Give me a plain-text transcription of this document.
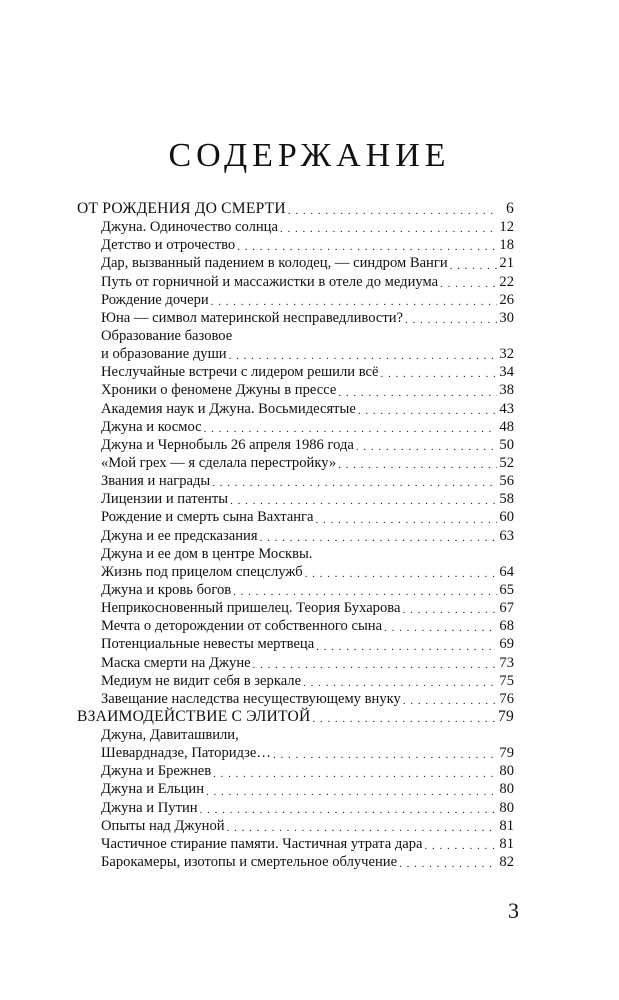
СОДЕРЖАНИЕ
ОТ РОЖДЕНИЯ ДО СМЕРТИ . . .	6
Джуна. Одиночество солнца . . .	12
Детство и отрочество . . .	18
Дар, вызванный падением в колодец, — синдром Ванги . . .	21
Путь от горничной и массажистки в отеле до медиума . . .	22
Рождение дочери . . .	26
Юна — символ материнской несправедливости? . . .	30
Образование базовое
и образование души . . .	32
Неслучайные встречи с лидером решили всё . . .	34
Хроники о феномене Джуны в прессе . . .	38
Академия наук и Джуна. Восьмидесятые . . .	43
Джуна и космос . . .	48
Джуна и Чернобыль 26 апреля 1986 года . . .	50
«Мой грех — я сделала перестройку» . . .	52
Звания и награды . . .	56
Лицензии и патенты . . .	58
Рождение и смерть сына Вахтанга . . .	60
Джуна и ее предсказания . . .	63
Джуна и ее дом в центре Москвы.
Жизнь под прицелом спецслужб . . .	64
Джуна и кровь богов . . .	65
Неприкосновенный пришелец. Теория Бухарова . . .	67
Мечта о деторождении от собственного сына . . .	68
Потенциальные невесты мертвеца . . .	69
Маска смерти на Джуне . . .	73
Медиум не видит себя в зеркале . . .	75
Завещание наследства несуществующему внуку . . .	76
ВЗАИМОДЕЙСТВИЕ С ЭЛИТОЙ . . .	79
Джуна, Давиташвили,
Шеварднадзе, Паторидзе… . . .	79
Джуна и Брежнев . . .	80
Джуна и Ельцин . . .	80
Джуна и Путин . . .	80
Опыты над Джуной . . .	81
Частичное стирание памяти. Частичная утрата дара . . .	81
Барокамеры, изотопы и смертельное облучение . . .	82
3
